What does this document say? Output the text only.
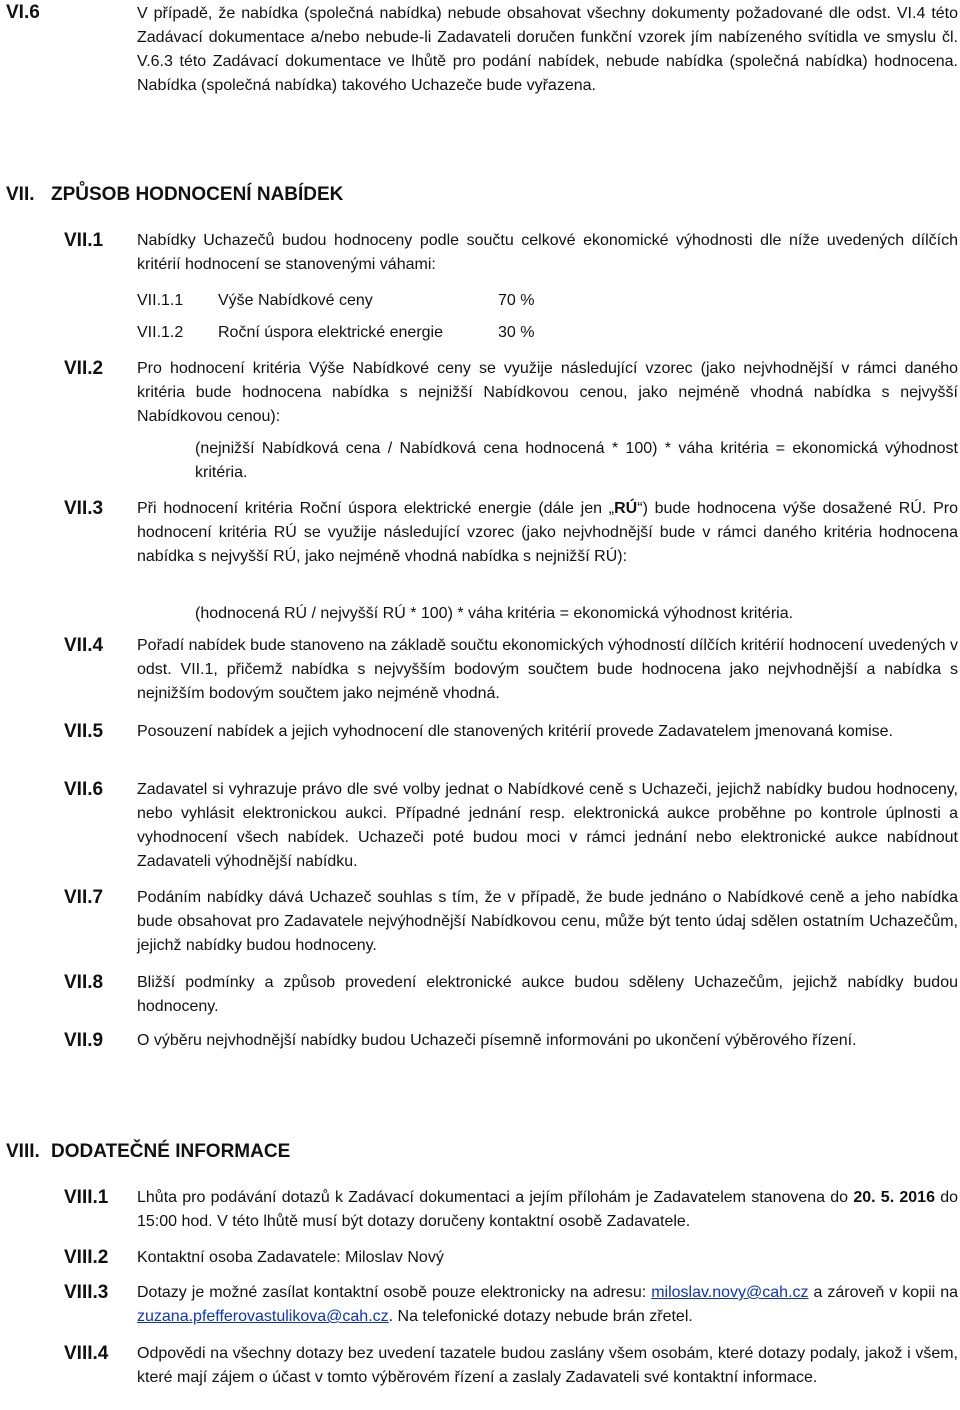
VI.6	V případě, že nabídka (společná nabídka) nebude obsahovat všechny dokumenty požadované dle odst. VI.4 této Zadávací dokumentace a/nebo nebude-li Zadavateli doručen funkční vzorek jím nabízeného svítidla ve smyslu čl. V.6.3 této Zadávací dokumentace ve lhůtě pro podání nabídek, nebude nabídka (společná nabídka) hodnocena. Nabídka (společná nabídka) takového Uchazeče bude vyřazena.
VII. ZPŮSOB HODNOCENÍ NABÍDEK
VII.1 Nabídky Uchazečů budou hodnoceny podle součtu celkové ekonomické výhodnosti dle níže uvedených dílčích kritérií hodnocení se stanovenými váhami:
VII.1.1 Výše Nabídkové ceny	70 %
VII.1.2 Roční úspora elektrické energie	30 %
VII.2 Pro hodnocení kritéria Výše Nabídkové ceny se využije následující vzorec (jako nejvhodnější v rámci daného kritéria bude hodnocena nabídka s nejnižší Nabídkovou cenou, jako nejméně vhodná nabídka s nejvyšší Nabídkovou cenou):
(nejnižší Nabídková cena / Nabídková cena hodnocená * 100) * váha kritéria = ekonomická výhodnost kritéria.
VII.3 Při hodnocení kritéria Roční úspora elektrické energie (dále jen „RÚ“) bude hodnocena výše dosažené RÚ. Pro hodnocení kritéria RÚ se využije následující vzorec (jako nejvhodnější bude v rámci daného kritéria hodnocena nabídka s nejvyšší RÚ, jako nejméně vhodná nabídka s nejnižší RÚ):
(hodnocená RÚ / nejvyšší RÚ * 100) * váha kritéria = ekonomická výhodnost kritéria.
VII.4 Pořadí nabídek bude stanoveno na základě součtu ekonomických výhodností dílčích kritérií hodnocení uvedených v odst. VII.1, přičemž nabídka s nejvyšším bodovým součtem bude hodnocena jako nejvhodnější a nabídka s nejnižším bodovým součtem jako nejméně vhodná.
VII.5 Posouzení nabídek a jejich vyhodnocení dle stanovených kritérií provede Zadavatelem jmenovaná komise.
VII.6 Zadavatel si vyhrazuje právo dle své volby jednat o Nabídkové ceně s Uchazeči, jejichž nabídky budou hodnoceny, nebo vyhlásit elektronickou aukci. Případné jednání resp. elektronická aukce proběhne po kontrole úplnosti a vyhodnocení všech nabídek. Uchazeči poté budou moci v rámci jednání nebo elektronické aukce nabídnout Zadavateli výhodnější nabídku.
VII.7 Podáním nabídky dává Uchazeč souhlas s tím, že v případě, že bude jednáno o Nabídkové ceně a jeho nabídka bude obsahovat pro Zadavatele nejvýhodnější Nabídkovou cenu, může být tento údaj sdělen ostatním Uchazečům, jejichž nabídky budou hodnoceny.
VII.8 Bližší podmínky a způsob provedení elektronické aukce budou sděleny Uchazečům, jejichž nabídky budou hodnoceny.
VII.9 O výběru nejvhodnější nabídky budou Uchazeči písemně informováni po ukončení výběrového řízení.
VIII. DODATEČNÉ INFORMACE
VIII.1 Lhůta pro podávání dotazů k Zadávací dokumentaci a jejím přílohám je Zadavatelem stanovena do 20. 5. 2016 do 15:00 hod. V této lhůtě musí být dotazy doručeny kontaktní osobě Zadavatele.
VIII.2 Kontaktní osoba Zadavatele: Miloslav Nový
VIII.3 Dotazy je možné zasílat kontaktní osobě pouze elektronicky na adresu: miloslav.novy@cah.cz a zároveň v kopii na zuzana.pfefferovastulikova@cah.cz. Na telefonické dotazy nebude brán zřetel.
VIII.4 Odpovědi na všechny dotazy bez uvedení tazatele budou zaslány všem osobám, které dotazy podaly, jakož i všem, které mají zájem o účast v tomto výběrovém řízení a zaslaly Zadavateli své kontaktní informace.
